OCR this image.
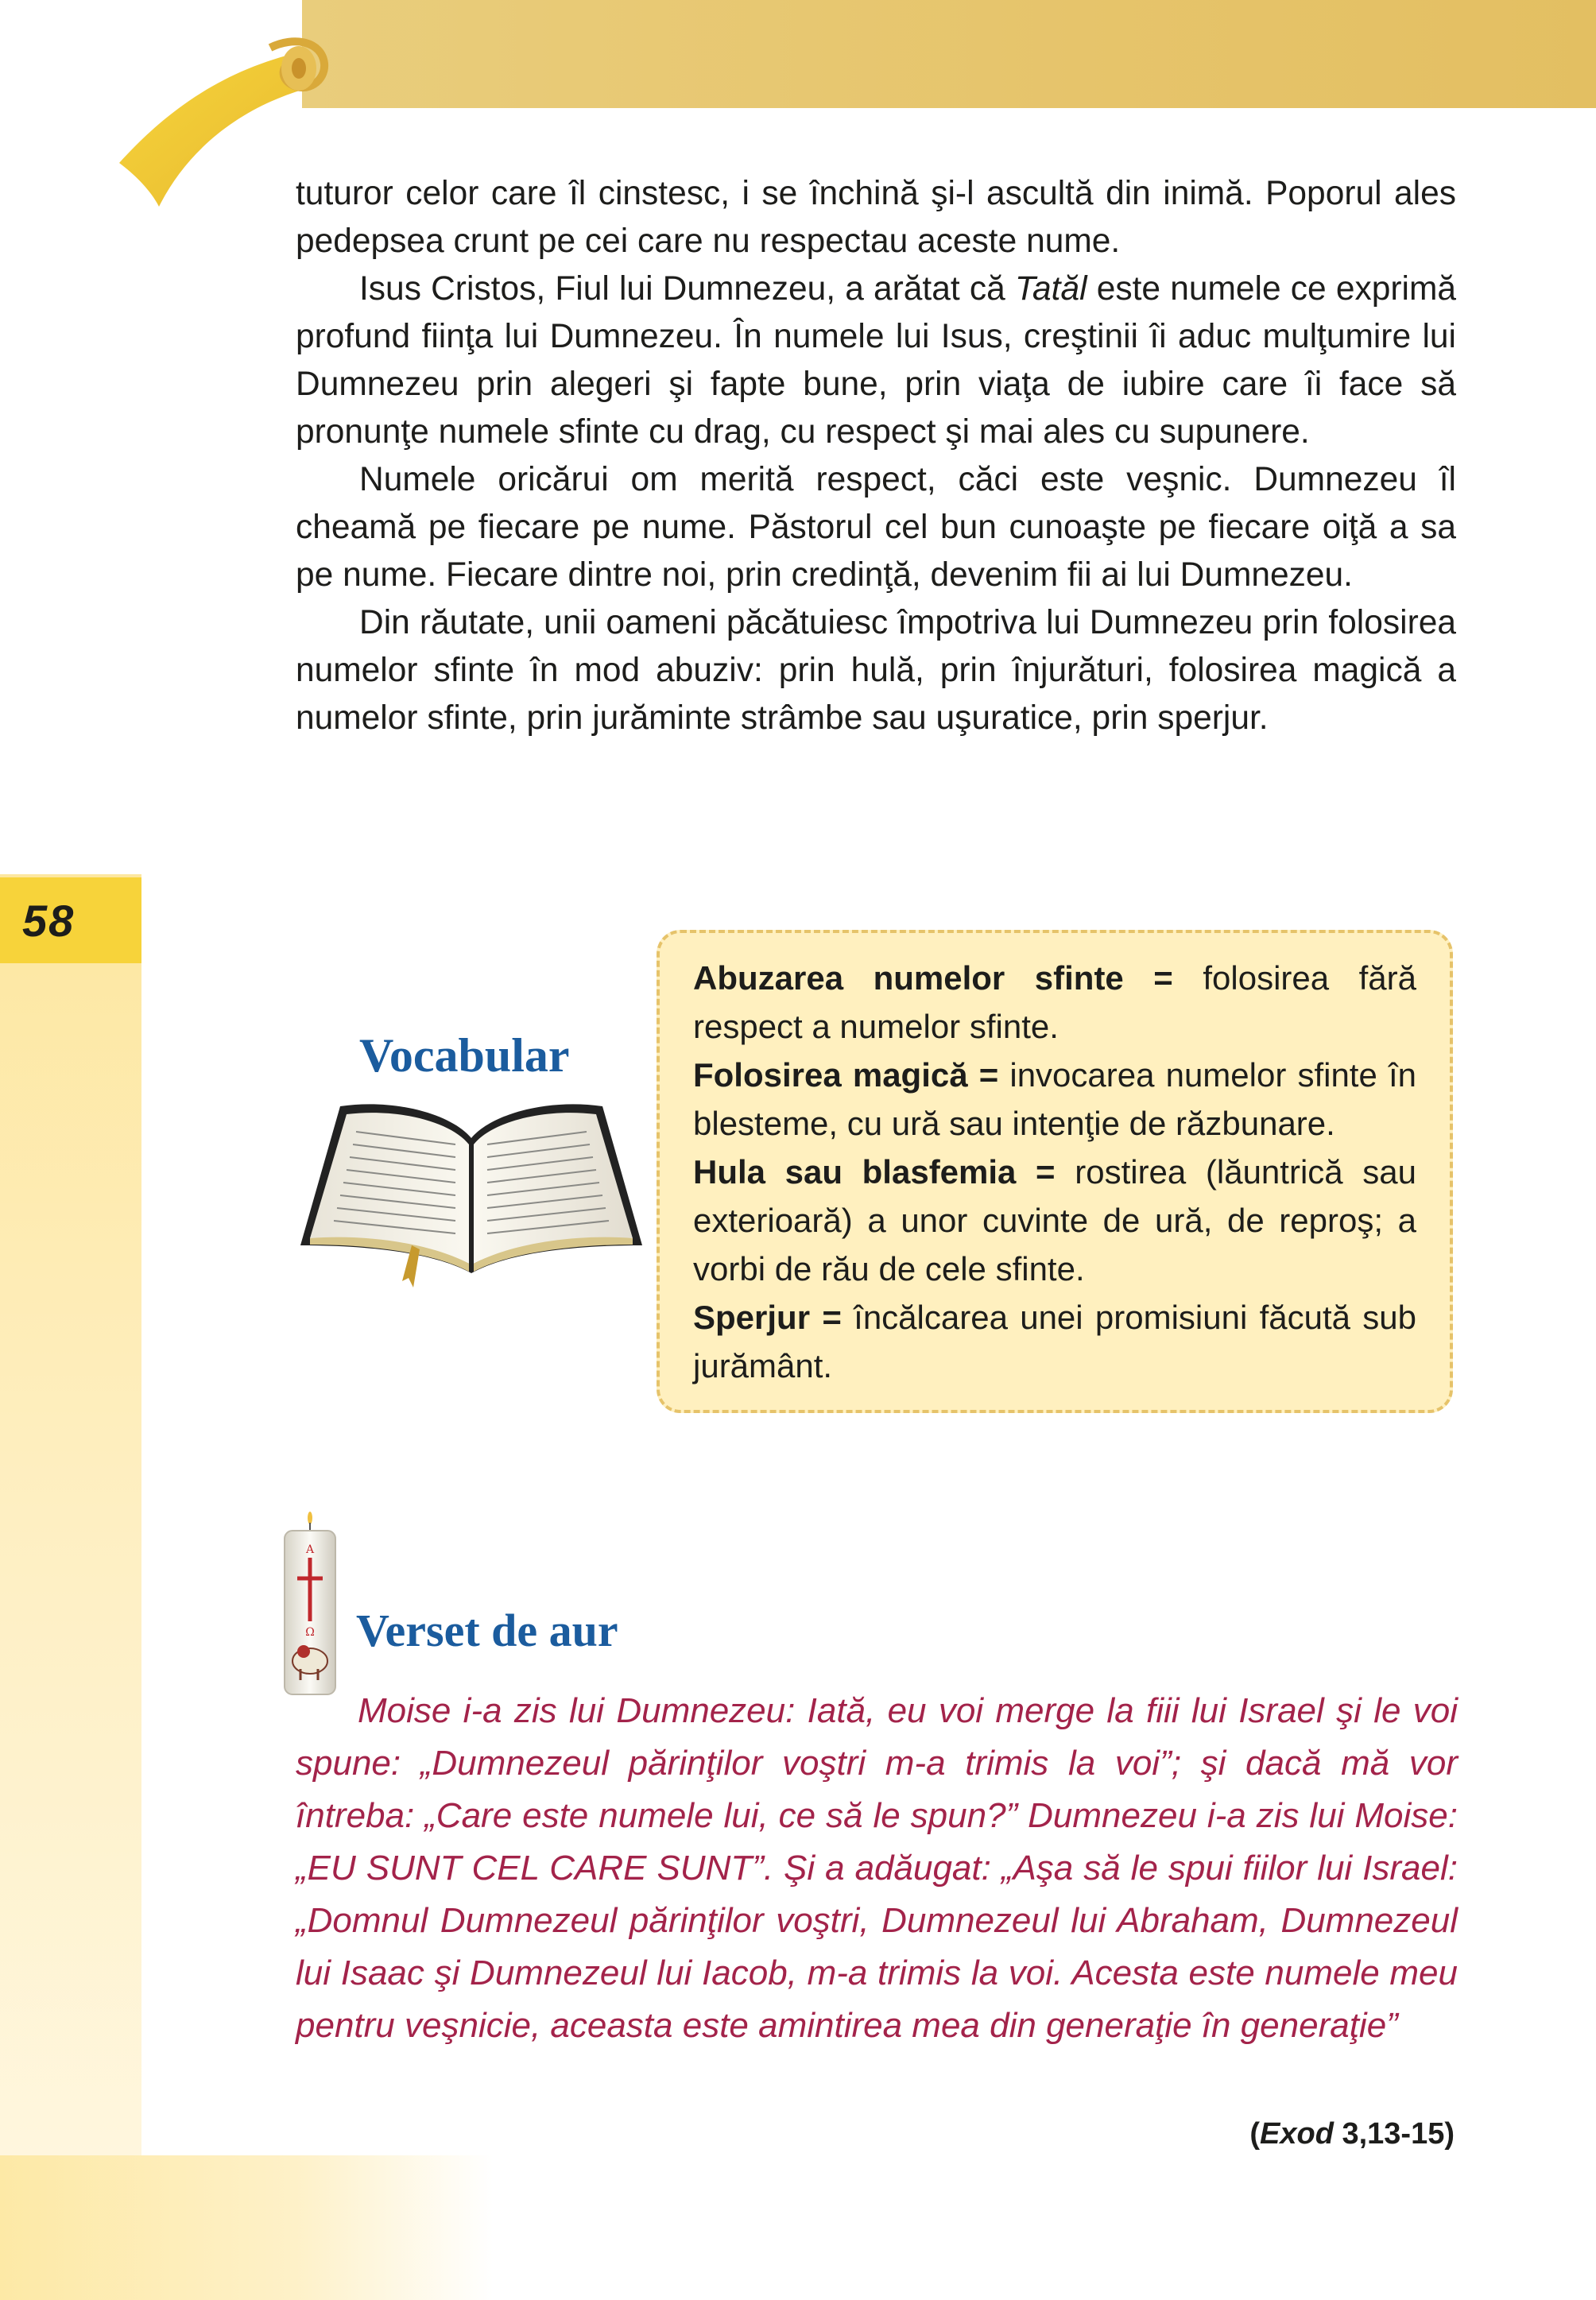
58

tuturor celor care îl cinstesc, i se închină şi-l ascultă din inimă. Poporul ales pedepsea crunt pe cei care nu respectau aceste nume.

Isus Cristos, Fiul lui Dumnezeu, a arătat că Tatăl este numele ce exprimă profund fiinţa lui Dumnezeu. În numele lui Isus, creştinii îi aduc mulţumire lui Dumnezeu prin alegeri şi fapte bune, prin viaţa de iubire care îi face să pronunţe numele sfinte cu drag, cu respect şi mai ales cu supunere.

Numele oricărui om merită respect, căci este veşnic. Dumnezeu îl cheamă pe fiecare pe nume. Păstorul cel bun cunoaşte pe fiecare oiţă a sa pe nume. Fiecare dintre noi, prin credinţă, devenim fii ai lui Dumnezeu.

Din răutate, unii oameni păcătuiesc împotriva lui Dumnezeu prin folosirea numelor sfinte în mod abuziv: prin hulă, prin înjurături, folosirea magică a numelor sfinte, prin jurăminte strâmbe sau uşuratice, prin sperjur.

Vocabular

Abuzarea numelor sfinte = folosirea fără respect a numelor sfinte.

Folosirea magică = invocarea numelor sfinte în blesteme, cu ură sau intenţie de răzbunare.

Hula sau blasfemia = rostirea (lăuntrică sau exterioară) a unor cuvinte de ură, de reproş; a vorbi de rău de cele sfinte.

Sperjur = încălcarea unei promisiuni făcută sub jurământ.

A
Ω Verset de aur

Moise i-a zis lui Dumnezeu: Iată, eu voi merge la fiii lui Israel şi le voi spune: „Dumnezeul părinţilor voştri m-a trimis la voi”; şi dacă mă vor întreba: „Care este numele lui, ce să le spun?” Dumnezeu i-a zis lui Moise: „EU SUNT CEL CARE SUNT”. Şi a adăugat: „Aşa să le spui fiilor lui Israel: „Domnul Dumnezeul părinţilor voştri, Dumnezeul lui Abraham, Dumnezeul lui Isaac şi Dumnezeul lui Iacob, m-a trimis la voi. Acesta este numele meu pentru veşnicie, aceasta este amintirea mea din generaţie în generaţie”

(Exod 3,13-15)
